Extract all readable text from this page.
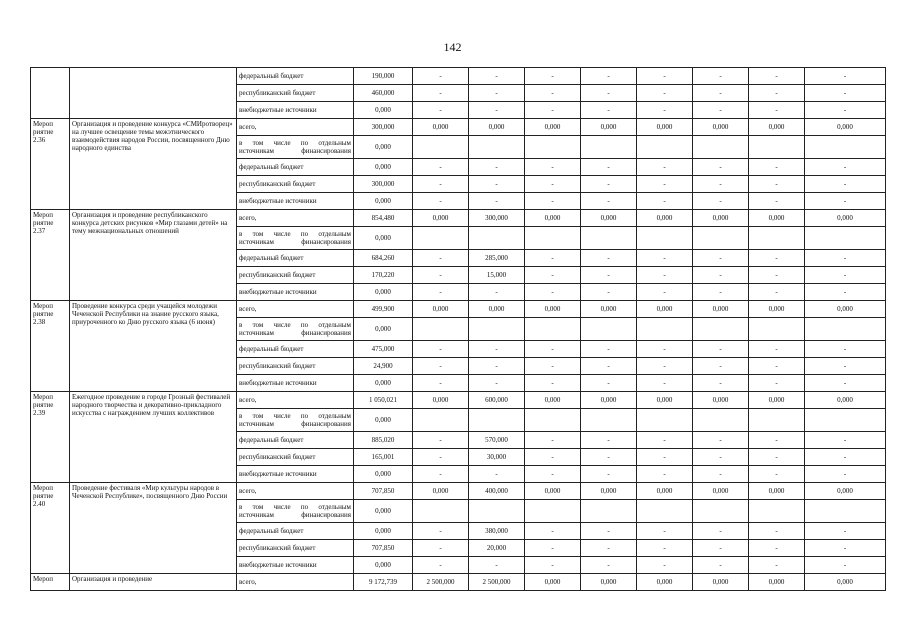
142
		федеральный бюджет	190,000	-	-	-	-	-	-	-	-
		республиканский бюджет	460,000	-	-	-	-	-	-	-	-
		внебюджетные источники	0,000	-	-	-	-	-	-	-	-
Мероп риятие 2.36	Организация и проведение конкурса «СМИротворец» на лучшее освещение темы межэтнического взаимодействия народов России, посвященного Дню народного единства	всего,	300,000	0,000	0,000	0,000	0,000	0,000	0,000	0,000	0,000
		в том числе по отдельным источникам финансирования	0,000								
		федеральный бюджет	0,000	-	-	-	-	-	-	-	-
		республиканский бюджет	300,000	-	-	-	-	-	-	-	-
		внебюджетные источники	0,000	-	-	-	-	-	-	-	-
Мероп риятие 2.37	Организация и проведение республиканского конкурса детских рисунков «Мир глазами детей» на тему межнациональных отношений	всего,	854,480	0,000	300,000	0,000	0,000	0,000	0,000	0,000	0,000
		в том числе по отдельным источникам финансирования	0,000								
		федеральный бюджет	684,260	-	285,000	-	-	-	-	-	-
		республиканский бюджет	170,220	-	15,000	-	-	-	-	-	-
		внебюджетные источники	0,000	-	-	-	-	-	-	-	-
Мероп риятие 2.38	Проведение конкурса среди учащейся молодежи Чеченской Республики на знание русского языка, приуроченного ко Дню русского языка (6 июня)	всего,	499,900	0,000	0,000	0,000	0,000	0,000	0,000	0,000	0,000
		в том числе по отдельным источникам финансирования	0,000								
		федеральный бюджет	475,000	-	-	-	-	-	-	-	-
		республиканский бюджет	24,900	-	-	-	-	-	-	-	-
		внебюджетные источники	0,000	-	-	-	-	-	-	-	-
Мероп риятие 2.39	Ежегодное проведение в городе Грозный фестивалей народного творчества и декоративно-прикладного искусства с награждением лучших коллективов	всего,	1 050,021	0,000	600,000	0,000	0,000	0,000	0,000	0,000	0,000
		в том числе по отдельным источникам финансирования	0,000								
		федеральный бюджет	885,020	-	570,000	-	-	-	-	-	-
		республиканский бюджет	165,001	-	30,000	-	-	-	-	-	-
		внебюджетные источники	0,000	-	-	-	-	-	-	-	-
Мероп риятие 2.40	Проведение фестиваля «Мир культуры народов в Чеченской Республике», посвященного Дню России	всего,	707,850	0,000	400,000	0,000	0,000	0,000	0,000	0,000	0,000
		в том числе по отдельным источникам финансирования	0,000								
		федеральный бюджет	0,000	-	380,000	-	-	-	-	-	-
		республиканский бюджет	707,850	-	20,000	-	-	-	-	-	-
		внебюджетные источники	0,000	-	-	-	-	-	-	-	-
Мероп	Организация и проведение	всего,	9 172,739	2 500,000	2 500,000	0,000	0,000	0,000	0,000	0,000	0,000
